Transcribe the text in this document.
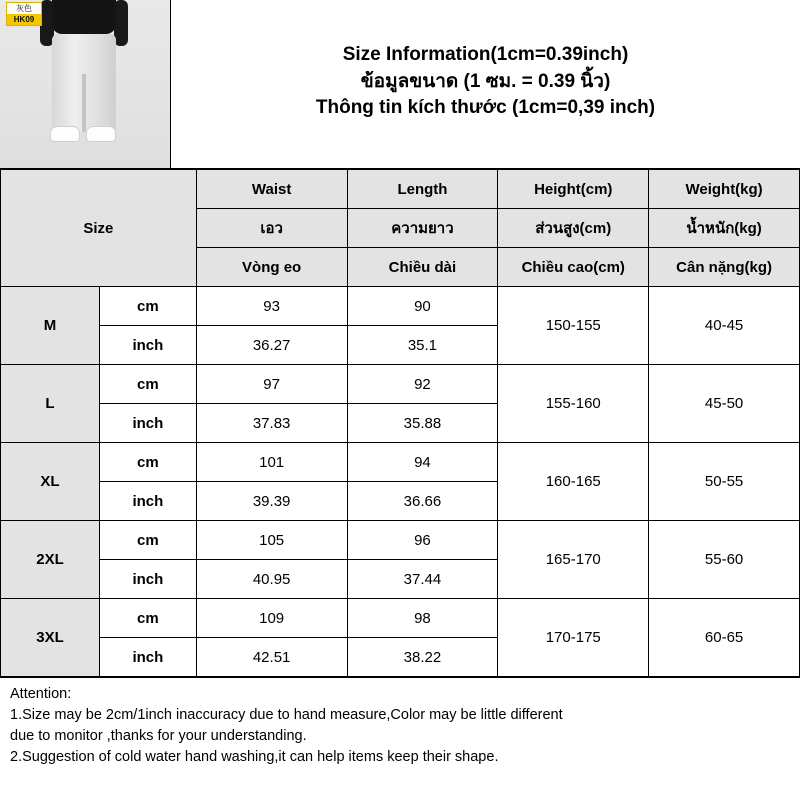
灰色
HK09
Size Information(1cm=0.39inch)
ข้อมูลขนาด (1 ซม. = 0.39 นิ้ว)
Thông tin kích thước (1cm=0,39 inch)
Size		Waist	Length	Height(cm)	Weight(kg)
		เอว	ความยาว	ส่วนสูง(cm)	น้ำหนัก(kg)
		Vòng eo	Chiều dài	Chiều cao(cm)	Cân nặng(kg)
M	cm	93	90	150-155	40-45
	inch	36.27	35.1		
L	cm	97	92	155-160	45-50
	inch	37.83	35.88		
XL	cm	101	94	160-165	50-55
	inch	39.39	36.66		
2XL	cm	105	96	165-170	55-60
	inch	40.95	37.44		
3XL	cm	109	98	170-175	60-65
	inch	42.51	38.22		
Attention:
1.Size may be 2cm/1inch inaccuracy due to hand measure,Color may be little different
due to monitor ,thanks for your understanding.
2.Suggestion of cold water hand washing,it can help items keep their shape.
